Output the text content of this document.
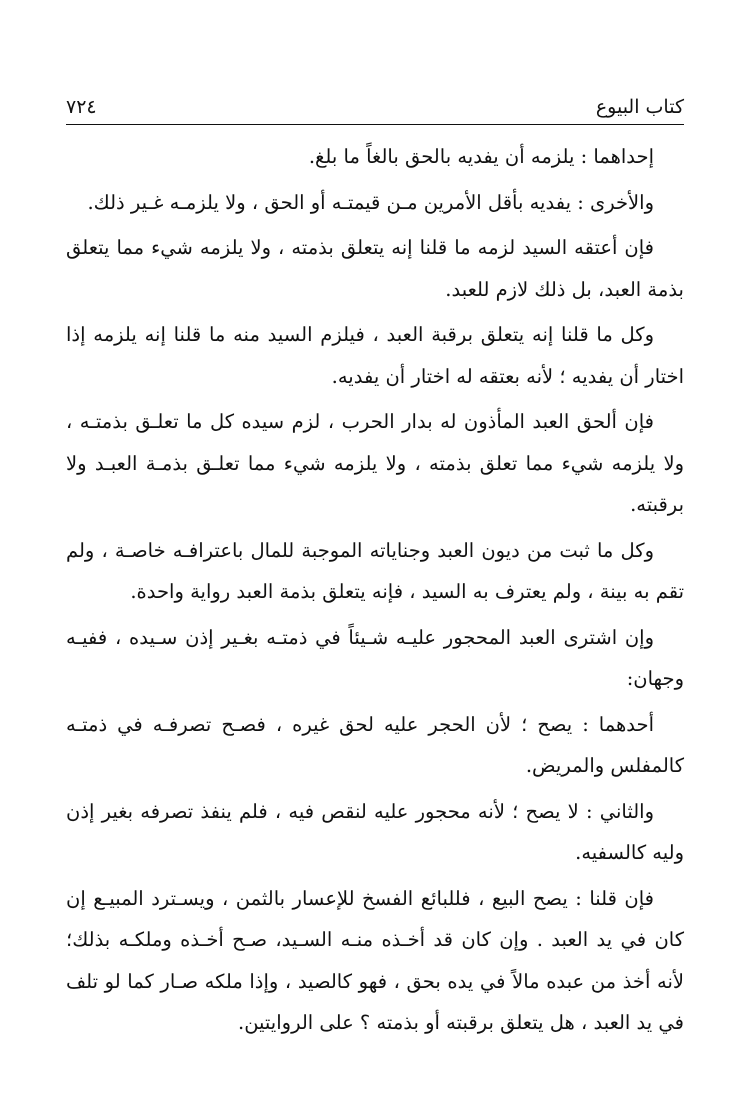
كتاب البيوع
٧٢٤

إحداهما : يلزمه أن يفديه بالحق بالغاً ما بلغ.

والأخرى : يفديه بأقل الأمرين مـن قيمتـه أو الحق ، ولا يلزمـه غـير ذلك.

فإن أعتقه السيد لزمه ما قلنا إنه يتعلق بذمته ، ولا يلزمه شيء مما يتعلق بذمة العبد، بل ذلك لازم للعبد.

وكل ما قلنا إنه يتعلق برقبة العبد ، فيلزم السيد منه ما قلنا إنه يلزمه إذا اختار أن يفديه ؛ لأنه بعتقه له اختار أن يفديه.

فإن ألحق العبد المأذون له بدار الحرب ، لزم سيده كل ما تعلـق بذمتـه ، ولا يلزمه شيء مما تعلق بذمته ، ولا يلزمه شيء مما تعلـق بذمـة العبـد ولا برقبته.

وكل ما ثبت من ديون العبد وجناياته الموجبة للمال باعترافـه خاصـة ، ولم تقم به بينة ، ولم يعترف به السيد ، فإنه يتعلق بذمة العبد رواية واحدة.

وإن اشترى العبد المحجور عليـه شـيئاً في ذمتـه بغـير إذن سـيده ، ففيـه وجهان:

أحدهما : يصح ؛ لأن الحجر عليه لحق غيره ، فصـح تصرفـه في ذمتـه كالمفلس والمريض.

والثاني : لا يصح ؛ لأنه محجور عليه لنقص فيه ، فلم ينفذ تصرفه بغير إذن وليه كالسفيه.

فإن قلنا : يصح البيع ، فللبائع الفسخ للإعسار بالثمن ، ويسـترد المبيـع إن كان في يد العبد . وإن كان قد أخـذه منـه السـيد، صـح أخـذه وملكـه بذلك؛ لأنه أخذ من عبده مالاً في يده بحق ، فهو كالصيد ، وإذا ملكه صـار كما لو تلف في يد العبد ، هل يتعلق برقبته أو بذمته ؟ على الروايتين.
